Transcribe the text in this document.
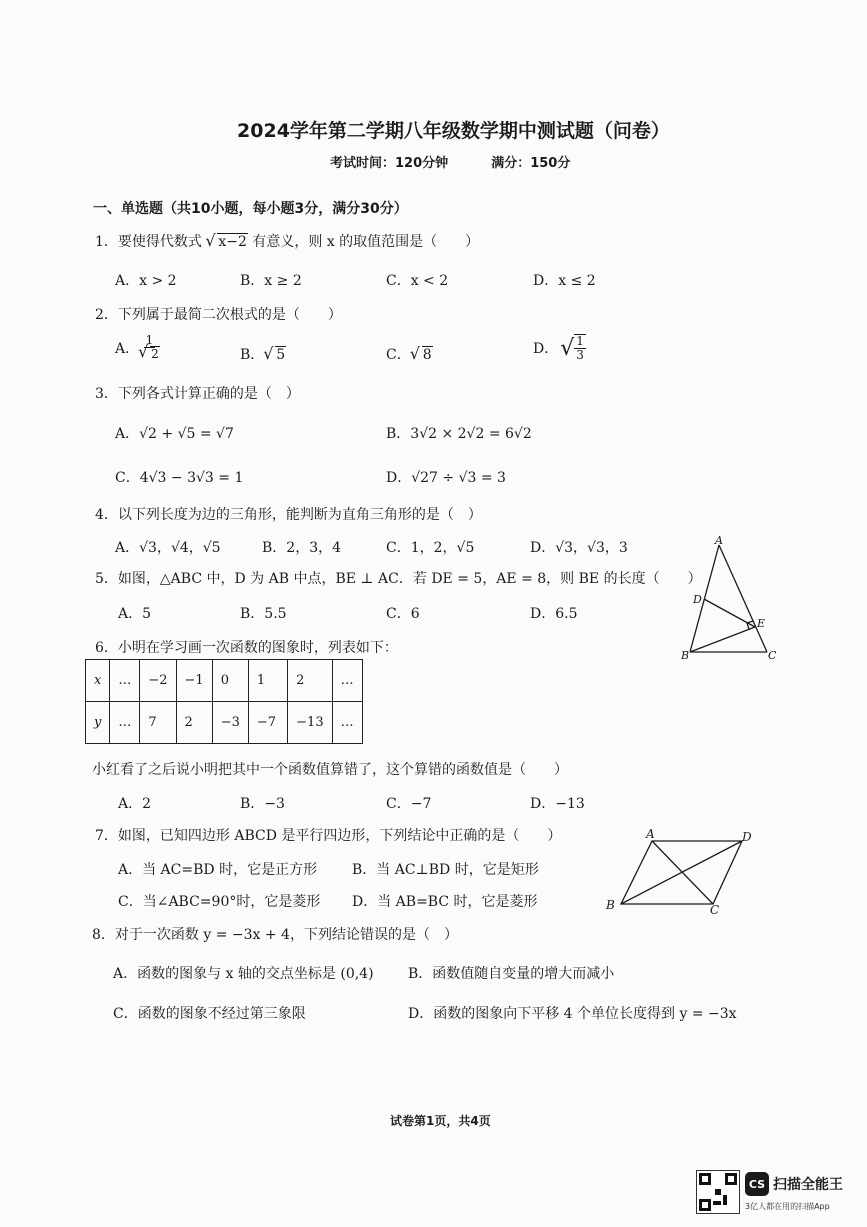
2024学年第二学期八年级数学期中测试题（问卷）
考试时间：120分钟	满分：150分
一、单选题（共10小题，每小题3分，满分30分）
1．要使得代数式 √ x−2 有意义，则 x 的取值范围是（　　）
A．x > 2	B．x ≥ 2	C．x < 2	D．x ≤ 2
2．下列属于最简二次根式的是（　　）
A． 1
√ 2	B． √ 5	C． √ 8	D． √ $\frac{1}{3}$
3．下列各式计算正确的是（　）
A．√2 + √5 = √7	B．3√2 × 2√2 = 6√2
C．4√3 − 3√3 = 1	D．√27 ÷ √3 = 3
4．以下列长度为边的三角形，能判断为直角三角形的是（　）
A．√3，√4，√5	B．2，3，4	C．1，2，√5	D．√3，√3，3
5．如图，△ABC 中，D 为 AB 中点，BE ⊥ AC．若 DE = 5，AE = 8，则 BE 的长度（　　）
A．5	B．5.5	C．6	D．6.5
A
D
E
B	C
6．小明在学习画一次函数的图象时，列表如下：
x	…	−2	−1	0	1	2	…
y	…	7	2	−3	−7	−13	…
小红看了之后说小明把其中一个函数值算错了，这个算错的函数值是（　　）
A．2	B．−3	C．−7	D．−13
7．如图，已知四边形 ABCD 是平行四边形，下列结论中正确的是（　　）
A．当 AC=BD 时，它是正方形 B．当 AC⊥BD 时，它是矩形
C．当∠ABC=90°时，它是菱形 D．当 AB=BC 时，它是菱形
A	D
B	C
8．对于一次函数 y = −3x + 4，下列结论错误的是（　）
A．函数的图象与 x 轴的交点坐标是 (0,4) B．函数值随自变量的增大而减小
C．函数的图象不经过第三象限	D．函数的图象向下平移 4 个单位长度得到 y = −3x
试卷第1页，共4页
CS 扫描全能王
3亿人都在用的扫描App
